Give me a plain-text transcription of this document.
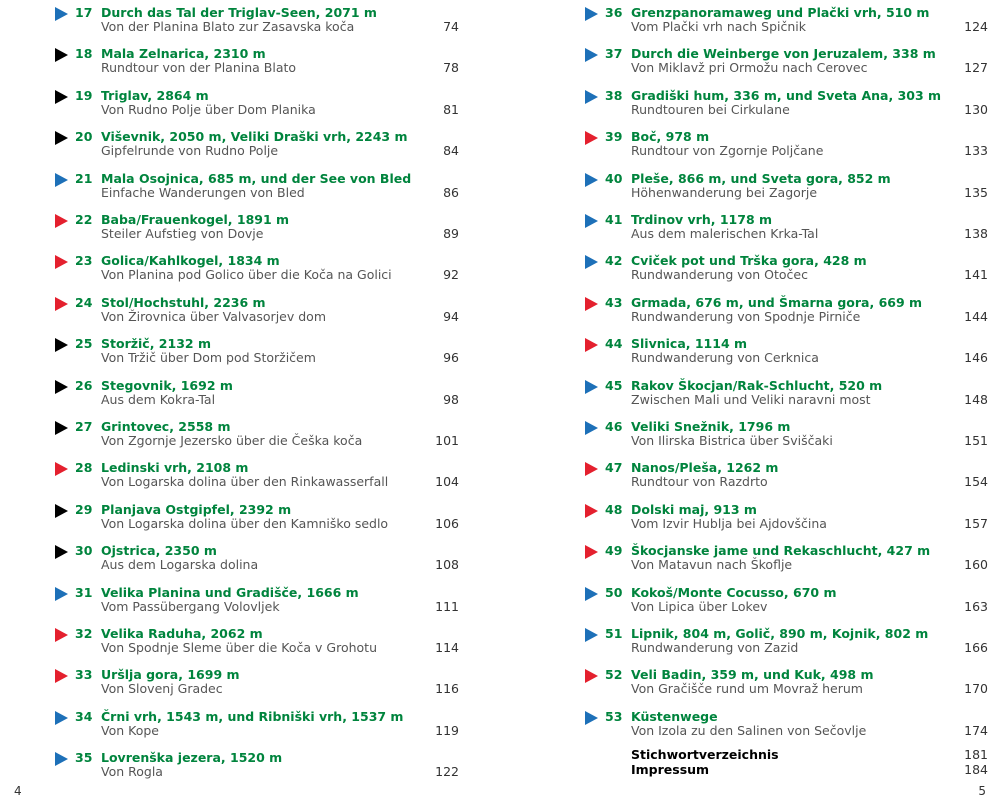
17 Durch das Tal der Triglav-Seen, 2071 m
Von der Planina Blato zur Zasavska koča	74
18 Mala Zelnarica, 2310 m
Rundtour von der Planina Blato	78
19 Triglav, 2864 m
Von Rudno Polje über Dom Planika	81
20 Viševnik, 2050 m, Veliki Draški vrh, 2243 m
Gipfelrunde von Rudno Polje	84
21 Mala Osojnica, 685 m, und der See von Bled
Einfache Wanderungen von Bled	86
22 Baba/Frauenkogel, 1891 m
Steiler Aufstieg von Dovje	89
23 Golica/Kahlkogel, 1834 m
Von Planina pod Golico über die Koča na Golici	92
24 Stol/Hochstuhl, 2236 m
Von Žirovnica über Valvasorjev dom	94
25 Storžič, 2132 m
Von Tržič über Dom pod Storžičem	96
26 Stegovnik, 1692 m
Aus dem Kokra-Tal	98
27 Grintovec, 2558 m
Von Zgornje Jezersko über die Češka koča	101
28 Ledinski vrh, 2108 m
Von Logarska dolina über den Rinkawasserfall	104
29 Planjava Ostgipfel, 2392 m
Von Logarska dolina über den Kamniško sedlo	106
30 Ojstrica, 2350 m
Aus dem Logarska dolina	108
31 Velika Planina und Gradišče, 1666 m
Vom Passübergang Volovljek	111
32 Velika Raduha, 2062 m
Von Spodnje Sleme über die Koča v Grohotu	114
33 Uršlja gora, 1699 m
Von Slovenj Gradec	116
34 Črni vrh, 1543 m, und Ribniški vrh, 1537 m
Von Kope	119
35 Lovrenška jezera, 1520 m
Von Rogla	122
Stichwortverzeichnis	181
Impressum	184
36 Grenzpanoramaweg und Plački vrh, 510 m
Vom Plački vrh nach Spičnik	124
37 Durch die Weinberge von Jeruzalem, 338 m
Von Miklavž pri Ormožu nach Cerovec	127
38 Gradiški hum, 336 m, und Sveta Ana, 303 m
Rundtouren bei Cirkulane	130
39 Boč, 978 m
Rundtour von Zgornje Poljčane	133
40 Pleše, 866 m, und Sveta gora, 852 m
Höhenwanderung bei Zagorje	135
41 Trdinov vrh, 1178 m
Aus dem malerischen Krka-Tal	138
42 Cviček pot und Trška gora, 428 m
Rundwanderung von Otočec	141
43 Grmada, 676 m, und Šmarna gora, 669 m
Rundwanderung von Spodnje Pirniče	144
44 Slivnica, 1114 m
Rundwanderung von Cerknica	146
45 Rakov Škocjan/Rak-Schlucht, 520 m
Zwischen Mali und Veliki naravni most	148
46 Veliki Snežnik, 1796 m
Von Ilirska Bistrica über Sviščaki	151
47 Nanos/Pleša, 1262 m
Rundtour von Razdrto	154
48 Dolski maj, 913 m
Vom Izvir Hublja bei Ajdovščina	157
49 Škocjanske jame und Rekaschlucht, 427 m
Von Matavun nach Škofljе	160
50 Kokoš/Monte Cocusso, 670 m
Von Lipica über Lokev	163
51 Lipnik, 804 m, Golič, 890 m, Kojnik, 802 m
Rundwanderung von Zazid	166
52 Veli Badin, 359 m, und Kuk, 498 m
Von Gračišče rund um Movraž herum	170
53 Küstenwege
Von Izola zu den Salinen von Sečovlje	174
4	5
